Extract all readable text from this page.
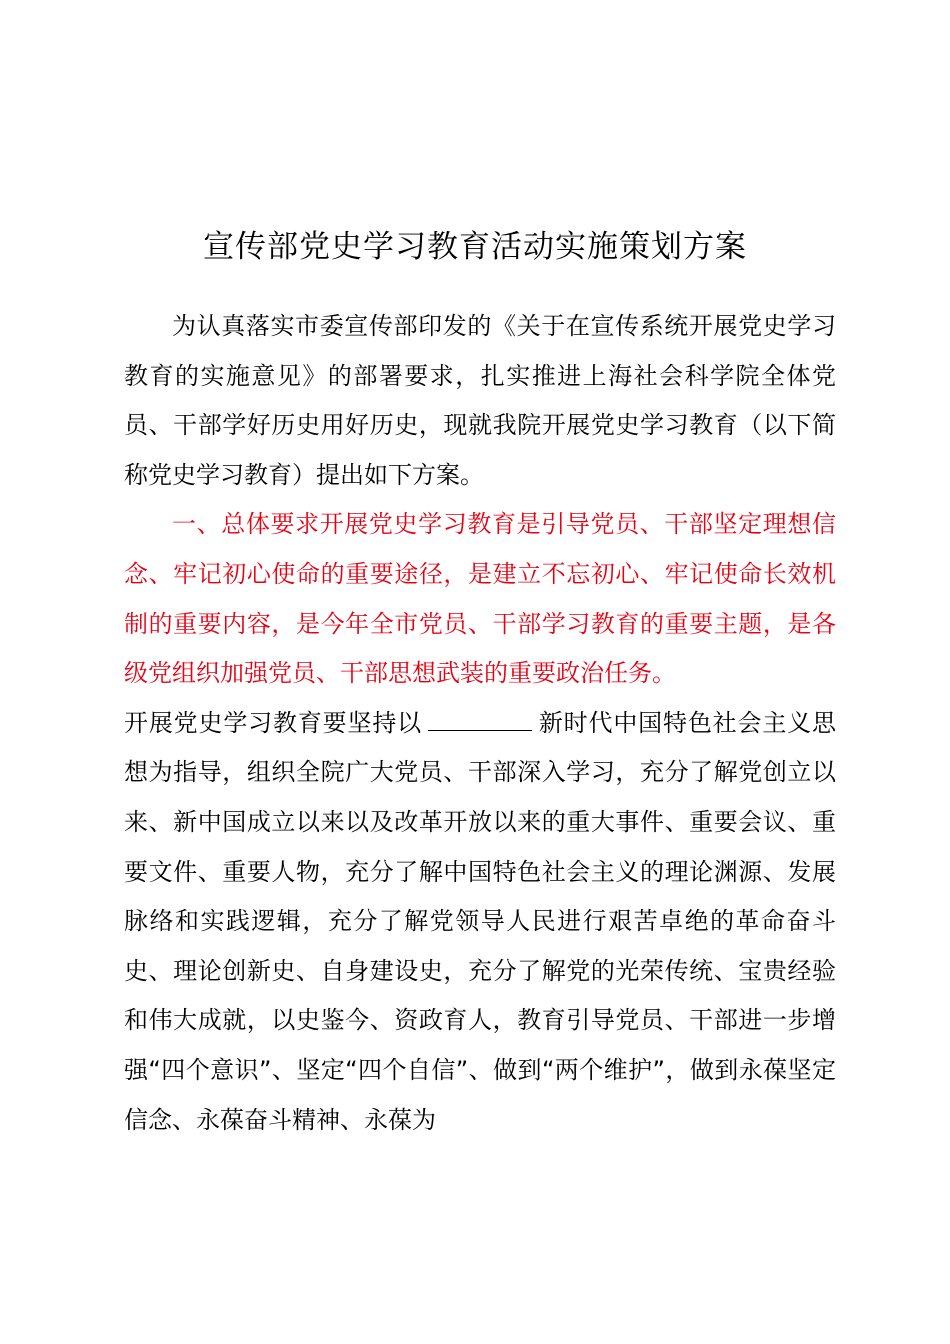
宣传部党史学习教育活动实施策划方案

为认真落实市委宣传部印发的《关于在宣传系统开展党史学习教育的实施意见》的部署要求，扎实推进上海社会科学院全体党员、干部学好历史用好历史，现就我院开展党史学习教育（以下简称党史学习教育）提出如下方案。

一、总体要求开展党史学习教育是引导党员、干部坚定理想信念、牢记初心使命的重要途径，是建立不忘初心、牢记使命长效机制的重要内容，是今年全市党员、干部学习教育的重要主题，是各级党组织加强党员、干部思想武装的重要政治任务。

开展党史学习教育要坚持以	新时代中国特色社会主义思想为指导，组织全院广大党员、干部深入学习，充分了解党创立以来、新中国成立以来以及改革开放以来的重大事件、重要会议、重要文件、重要人物，充分了解中国特色社会主义的理论渊源、发展脉络和实践逻辑，充分了解党领导人民进行艰苦卓绝的革命奋斗史、理论创新史、自身建设史，充分了解党的光荣传统、宝贵经验和伟大成就，以史鉴今、资政育人，教育引导党员、干部进一步增强“四个意识”、坚定“四个自信”、做到“两个维护”，做到永葆坚定信念、永葆奋斗精神、永葆为
